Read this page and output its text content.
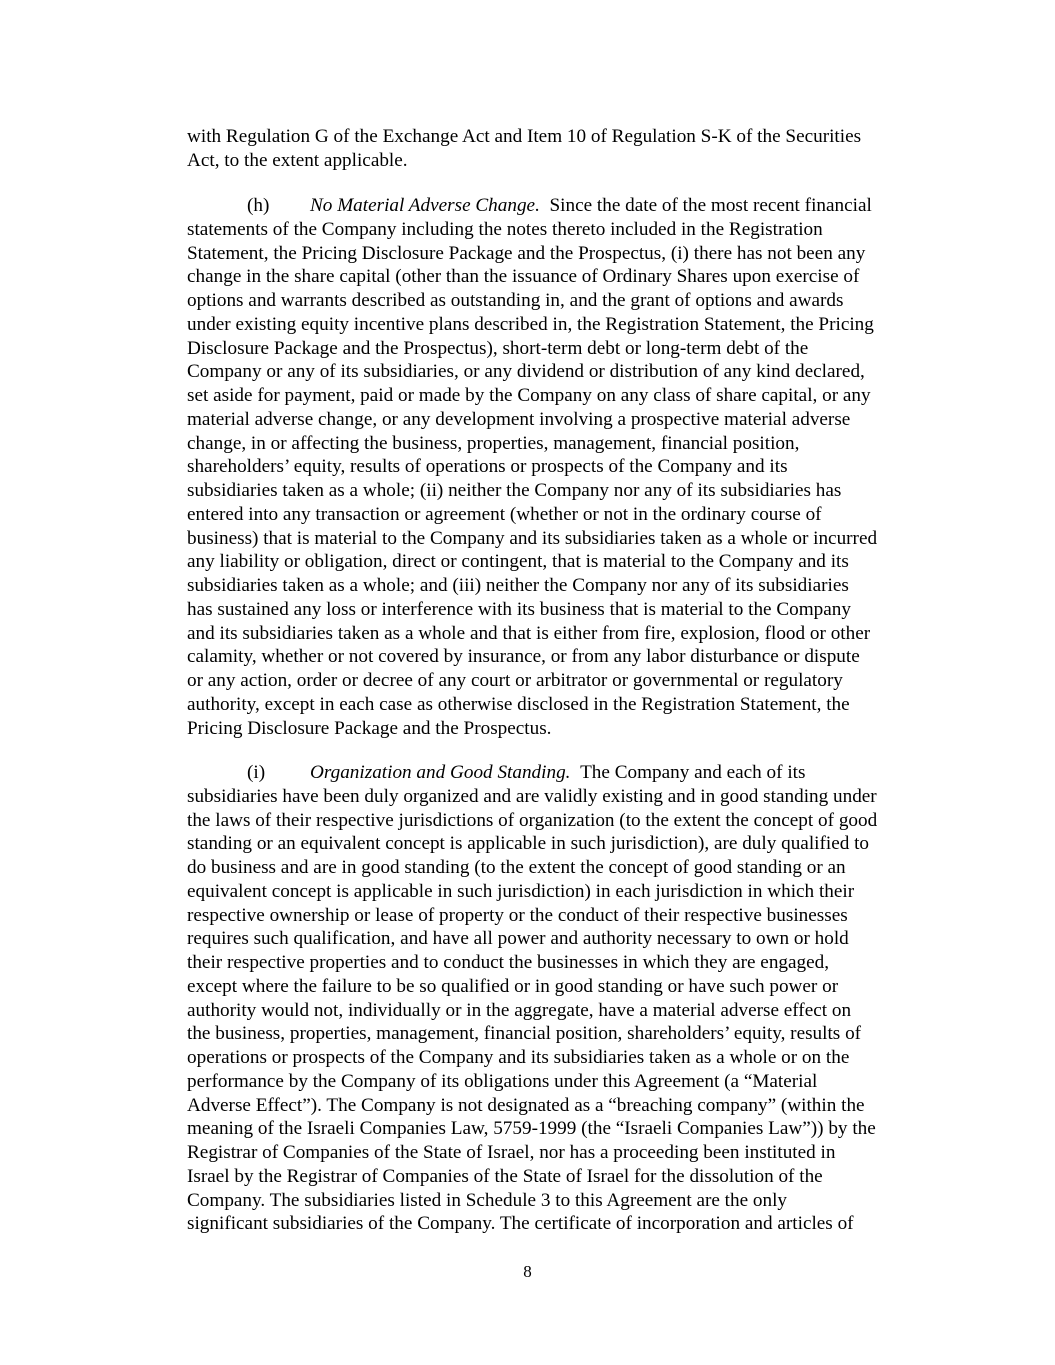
with Regulation G of the Exchange Act and Item 10 of Regulation S-K of the Securities
Act, to the extent applicable.
(h) No Material Adverse Change. Since the date of the most recent financial
statements of the Company including the notes thereto included in the Registration
Statement, the Pricing Disclosure Package and the Prospectus, (i) there has not been any
change in the share capital (other than the issuance of Ordinary Shares upon exercise of
options and warrants described as outstanding in, and the grant of options and awards
under existing equity incentive plans described in, the Registration Statement, the Pricing
Disclosure Package and the Prospectus), short-term debt or long-term debt of the
Company or any of its subsidiaries, or any dividend or distribution of any kind declared,
set aside for payment, paid or made by the Company on any class of share capital, or any
material adverse change, or any development involving a prospective material adverse
change, in or affecting the business, properties, management, financial position,
shareholders’ equity, results of operations or prospects of the Company and its
subsidiaries taken as a whole; (ii) neither the Company nor any of its subsidiaries has
entered into any transaction or agreement (whether or not in the ordinary course of
business) that is material to the Company and its subsidiaries taken as a whole or incurred
any liability or obligation, direct or contingent, that is material to the Company and its
subsidiaries taken as a whole; and (iii) neither the Company nor any of its subsidiaries
has sustained any loss or interference with its business that is material to the Company
and its subsidiaries taken as a whole and that is either from fire, explosion, flood or other
calamity, whether or not covered by insurance, or from any labor disturbance or dispute
or any action, order or decree of any court or arbitrator or governmental or regulatory
authority, except in each case as otherwise disclosed in the Registration Statement, the
Pricing Disclosure Package and the Prospectus.
(i) Organization and Good Standing. The Company and each of its
subsidiaries have been duly organized and are validly existing and in good standing under
the laws of their respective jurisdictions of organization (to the extent the concept of good
standing or an equivalent concept is applicable in such jurisdiction), are duly qualified to
do business and are in good standing (to the extent the concept of good standing or an
equivalent concept is applicable in such jurisdiction) in each jurisdiction in which their
respective ownership or lease of property or the conduct of their respective businesses
requires such qualification, and have all power and authority necessary to own or hold
their respective properties and to conduct the businesses in which they are engaged,
except where the failure to be so qualified or in good standing or have such power or
authority would not, individually or in the aggregate, have a material adverse effect on
the business, properties, management, financial position, shareholders’ equity, results of
operations or prospects of the Company and its subsidiaries taken as a whole or on the
performance by the Company of its obligations under this Agreement (a “Material
Adverse Effect”). The Company is not designated as a “breaching company” (within the
meaning of the Israeli Companies Law, 5759-1999 (the “Israeli Companies Law”)) by the
Registrar of Companies of the State of Israel, nor has a proceeding been instituted in
Israel by the Registrar of Companies of the State of Israel for the dissolution of the
Company. The subsidiaries listed in Schedule 3 to this Agreement are the only
significant subsidiaries of the Company. The certificate of incorporation and articles of
8
